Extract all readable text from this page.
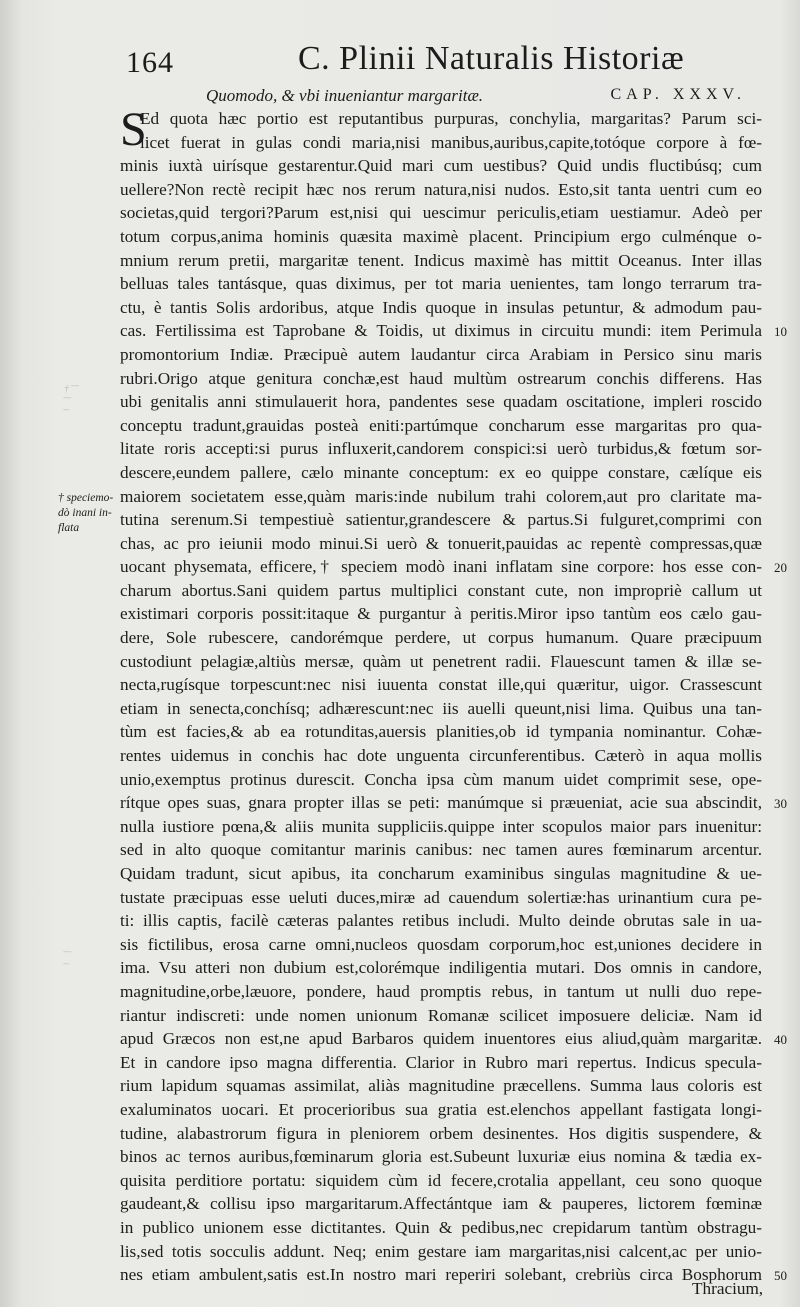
164	C. Plinii Naturalis Historiæ
Quomodo, & vbi inueniantur margaritæ.	CAP. XXXV.
S
Ed quota hæc portio est reputantibus purpuras, conchylia, margaritas? Parum sci-
licet fuerat in gulas condi maria,nisi manibus,auribus,capite,totóque corpore à fœ-
minis iuxtà uirísque gestarentur.Quid mari cum uestibus? Quid undis fluctibúsq; cum
uellere?Non rectè recipit hæc nos rerum natura,nisi nudos. Esto,sit tanta uentri cum eo
societas,quid tergori?Parum est,nisi qui uescimur periculis,etiam uestiamur. Adeò per
totum corpus,anima hominis quæsita maximè placent. Principium ergo culménque o-
mnium rerum pretii, margaritæ tenent. Indicus maximè has mittit Oceanus. Inter illas
belluas tales tantásque, quas diximus, per tot maria uenientes, tam longo terrarum tra-
ctu, è tantis Solis ardoribus, atque Indis quoque in insulas petuntur, & admodum pau-
cas. Fertilissima est Taprobane & Toidis, ut diximus in circuitu mundi: item Perimula
promontorium Indiæ. Præcipuè autem laudantur circa Arabiam in Persico sinu maris
rubri.Origo atque genitura conchæ,est haud multùm ostrearum conchis differens. Has
ubi genitalis anni stimulauerit hora, pandentes sese quadam oscitatione, impleri roscido
conceptu tradunt,grauidas posteà eniti:partúmque concharum esse margaritas pro qua-
litate roris accepti:si purus influxerit,candorem conspici:si uerò turbidus,& fœtum sor-
descere,eundem pallere, cælo minante conceptum: ex eo quippe constare, cælíque eis
maiorem societatem esse,quàm maris:inde nubilum trahi colorem,aut pro claritate ma-
tutina serenum.Si tempestiuè satientur,grandescere & partus.Si fulguret,comprimi con
chas, ac pro ieiunii modo minui.Si uerò & tonuerit,pauidas ac repentè compressas,quæ
uocant physemata, efficere,† speciem modò inani inflatam sine corpore: hos esse con-
charum abortus.Sani quidem partus multiplici constant cute, non impropriè callum ut
existimari corporis possit:itaque & purgantur à peritis.Miror ipso tantùm eos cælo gau-
dere, Sole rubescere, candorémque perdere, ut corpus humanum. Quare præcipuum
custodiunt pelagiæ,altiùs mersæ, quàm ut penetrent radii. Flauescunt tamen & illæ se-
necta,rugísque torpescunt:nec nisi iuuenta constat ille,qui quæritur, uigor. Crassescunt
etiam in senecta,conchísq; adhærescunt:nec iis auelli queunt,nisi lima. Quibus una tan-
tùm est facies,& ab ea rotunditas,auersis planities,ob id tympania nominantur. Cohæ-
rentes uidemus in conchis hac dote unguenta circunferentibus. Cæterò in aqua mollis
unio,exemptus protinus durescit. Concha ipsa cùm manum uidet comprimit sese, ope-
rítque opes suas, gnara propter illas se peti: manúmque si præueniat, acie sua abscindit,
nulla iustiore pœna,& aliis munita suppliciis.quippe inter scopulos maior pars inuenitur:
sed in alto quoque comitantur marinis canibus: nec tamen aures fœminarum arcentur.
Quidam tradunt, sicut apibus, ita concharum examinibus singulas magnitudine & ue-
tustate præcipuas esse ueluti duces,miræ ad cauendum solertiæ:has urinantium cura pe-
ti: illis captis, facilè cæteras palantes retibus includi. Multo deinde obrutas sale in ua-
sis fictilibus, erosa carne omni,nucleos quosdam corporum,hoc est,uniones decidere in
ima. Vsu atteri non dubium est,colorémque indiligentia mutari. Dos omnis in candore,
magnitudine,orbe,læuore, pondere, haud promptis rebus, in tantum ut nulli duo repe-
riantur indiscreti: unde nomen unionum Romanæ scilicet imposuere deliciæ. Nam id
apud Græcos non est,ne apud Barbaros quidem inuentores eius aliud,quàm margaritæ.
Et in candore ipso magna differentia. Clarior in Rubro mari repertus. Indicus specula-
rium lapidum squamas assimilat, aliàs magnitudine præcellens. Summa laus coloris est
exaluminatos uocari. Et procerioribus sua gratia est.elenchos appellant fastigata longi-
tudine, alabastrorum figura in pleniorem orbem desinentes. Hos digitis suspendere, &
binos ac ternos auribus,fœminarum gloria est.Subeunt luxuriæ eius nomina & tædia ex-
quisita perditiore portatu: siquidem cùm id fecere,crotalia appellant, ceu sono quoque
gaudeant,& collisu ipso margaritarum.Affectántque iam & pauperes, lictorem fœminæ
in publico unionem esse dictitantes. Quin & pedibus,nec crepidarum tantùm obstragu-
lis,sed totis socculis addunt. Neq; enim gestare iam margaritas,nisi calcent,ac per unio-
nes etiam ambulent,satis est.In nostro mari reperiri solebant, crebriùs circa Bosphorum
10
20
30
40
50
† speciemo-
dò inani in-
flata
Thracium,
† ̄ ̄ ̄
̄ ̄ ̄
̄ ̄
̄ ̄ ̄
̄ ̄
